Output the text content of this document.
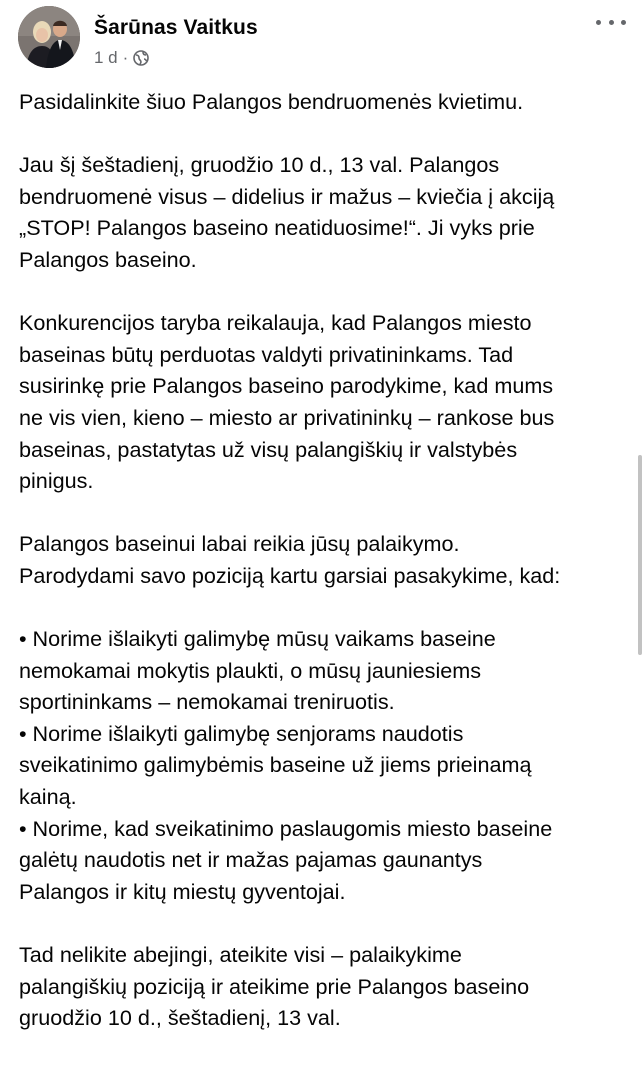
Šarūnas Vaitkus
1 d ·

Pasidalinkite šiuo Palangos bendruomenės kvietimu.

Jau šį šeštadienį, gruodžio 10 d., 13 val. Palangos
bendruomenė visus – didelius ir mažus – kviečia į akciją
„STOP! Palangos baseino neatiduosime!“. Ji vyks prie
Palangos baseino.

Konkurencijos taryba reikalauja, kad Palangos miesto
baseinas būtų perduotas valdyti privatininkams. Tad
susirinkę prie Palangos baseino parodykime, kad mums
ne vis vien, kieno – miesto ar privatininkų – rankose bus
baseinas, pastatytas už visų palangiškių ir valstybės
pinigus.

Palangos baseinui labai reikia jūsų palaikymo.
Parodydami savo poziciją kartu garsiai pasakykime, kad:

• Norime išlaikyti galimybę mūsų vaikams baseine
nemokamai mokytis plaukti, o mūsų jauniesiems
sportininkams – nemokamai treniruotis.
• Norime išlaikyti galimybę senjorams naudotis
sveikatinimo galimybėmis baseine už jiems prieinamą
kainą.
• Norime, kad sveikatinimo paslaugomis miesto baseine
galėtų naudotis net ir mažas pajamas gaunantys
Palangos ir kitų miestų gyventojai.

Tad nelikite abejingi, ateikite visi – palaikykime
palangiškių poziciją ir ateikime prie Palangos baseino
gruodžio 10 d., šeštadienį, 13 val.
